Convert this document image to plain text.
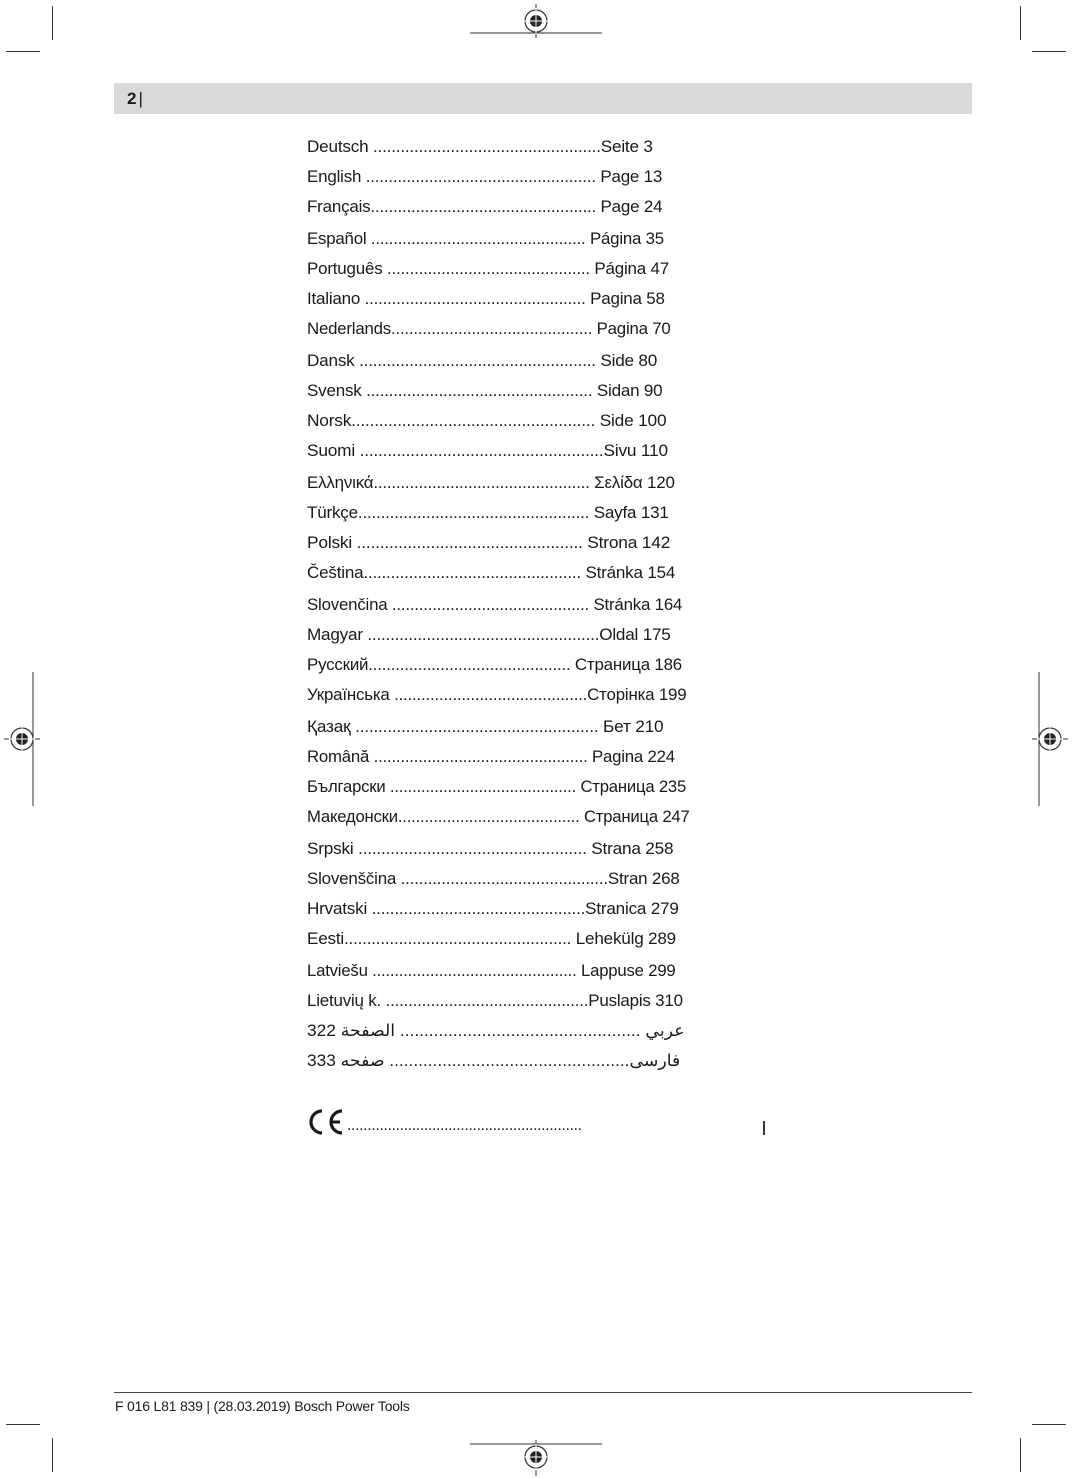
2 |
Deutsch ..................................................Seite 3
English ................................................... Page 13
Français.................................................. Page 24
Español ................................................ Página 35
Português ............................................. Página 47
Italiano ................................................. Pagina 58
Nederlands............................................. Pagina 70
Dansk .................................................... Side 80
Svensk .................................................. Sidan 90
Norsk..................................................... Side 100
Suomi .....................................................Sivu 110
Ελληνικά................................................ Σελίδα 120
Türkçe................................................... Sayfa 131
Polski ................................................. Strona 142
Čeština................................................ Stránka 154
Slovenčina ............................................ Stránka 164
Magyar ...................................................Oldal 175
Русский............................................. Страница 186
Українська ...........................................Сторінка 199
Қазақ ..................................................... Бет 210
Română ................................................ Pagina 224
Български .......................................... Страница 235
Македонски......................................... Страница 247
Srpski .................................................. Strana 258
Slovenščina ..............................................Stran 268
Hrvatski ...............................................Stranica 279
Eesti.................................................. Lehekülg 289
Latviešu .............................................. Lappuse 299
Lietuvių k. .............................................Puslapis 310
عربي .................................................. الصفحة 322
فارسی.................................................. صفحه 333
..........................................................
F 016 L81 839 | (28.03.2019) Bosch Power Tools
